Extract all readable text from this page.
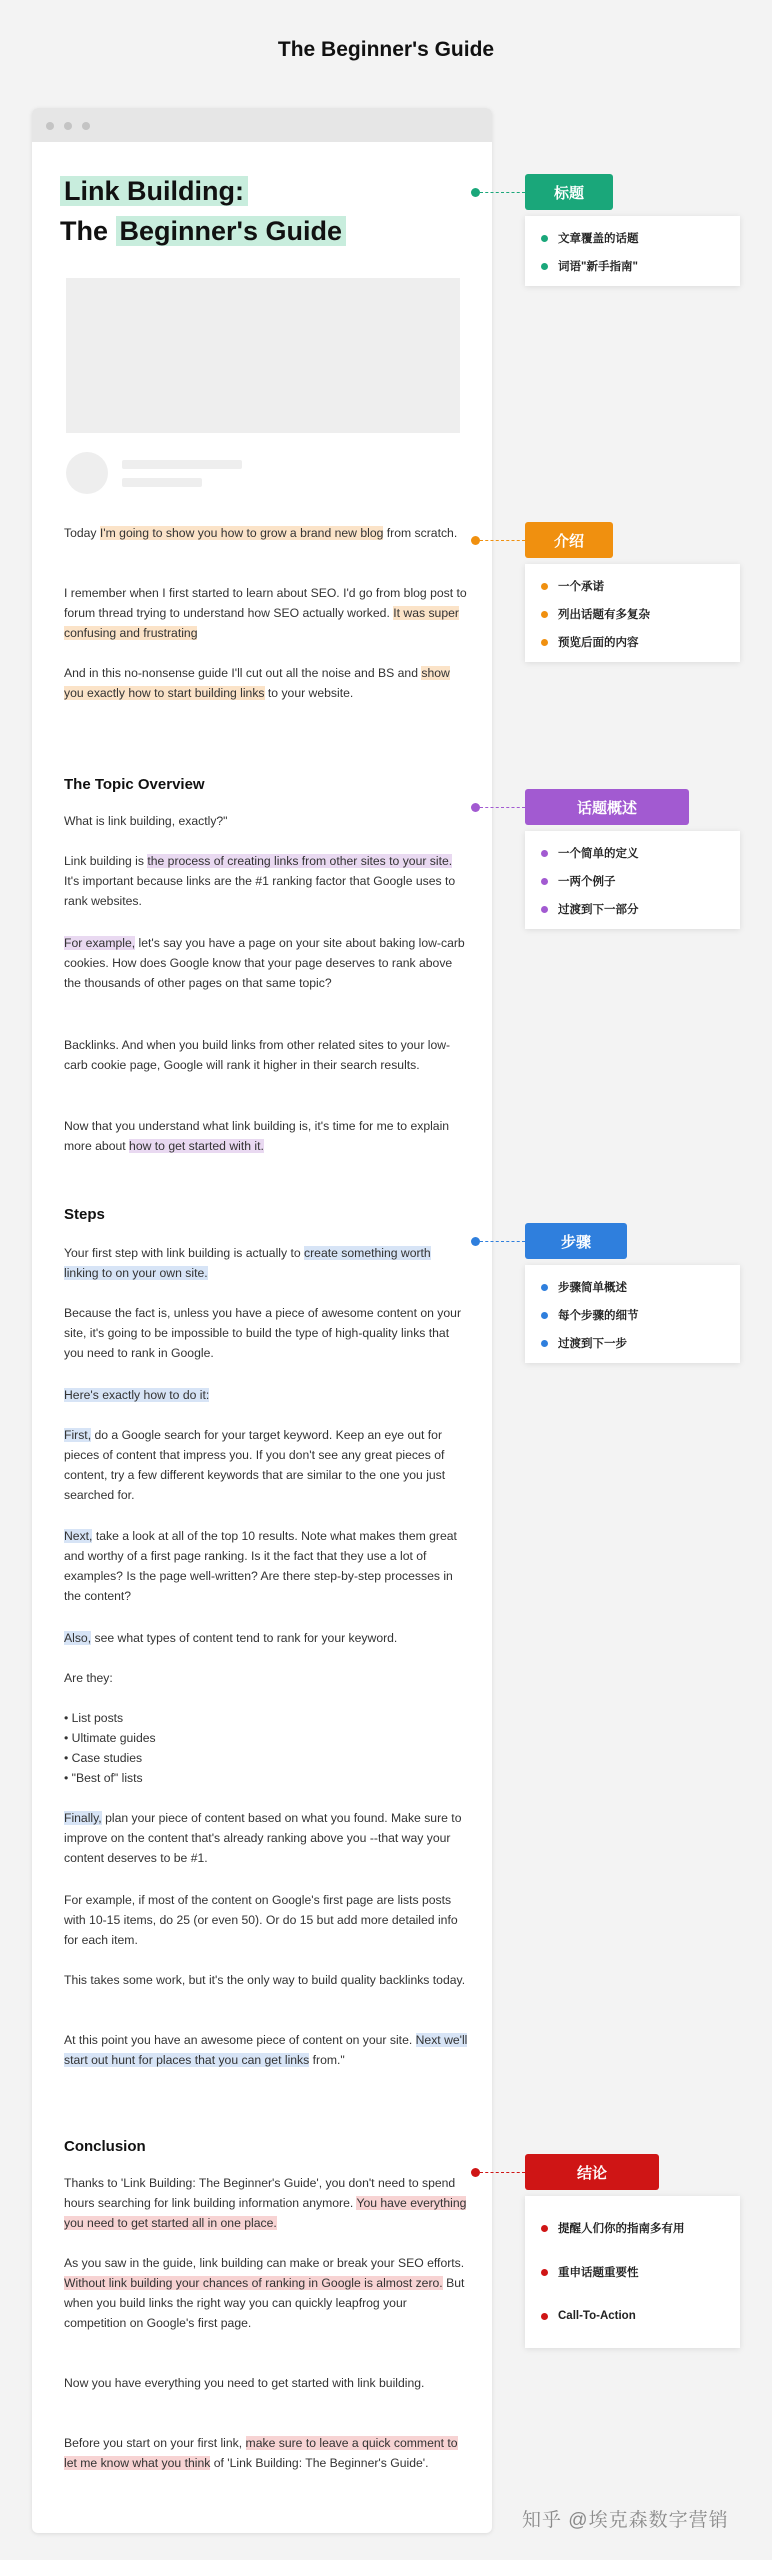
The Beginner's Guide
Link Building:
The Beginner's Guide
Today I'm going to show you how to grow a brand new blog from scratch.
I remember when I first started to learn about SEO. I'd go from blog post to forum thread trying to understand how SEO actually worked. It was super confusing and frustrating
And in this no-nonsense guide I'll cut out all the noise and BS and show you exactly how to start building links to your website.
The Topic Overview
What is link building, exactly?"
Link building is the process of creating links from other sites to your site. It's important because links are the #1 ranking factor that Google uses to rank websites.
For example, let's say you have a page on your site about baking low-carb cookies. How does Google know that your page deserves to rank above the thousands of other pages on that same topic?
Backlinks. And when you build links from other related sites to your low-carb cookie page, Google will rank it higher in their search results.
Now that you understand what link building is, it's time for me to explain more about how to get started with it.
Steps
Your first step with link building is actually to create something worth linking to on your own site.
Because the fact is, unless you have a piece of awesome content on your site, it's going to be impossible to build the type of high-quality links that you need to rank in Google.
Here's exactly how to do it:
First, do a Google search for your target keyword. Keep an eye out for pieces of content that impress you. If you don't see any great pieces of content, try a few different keywords that are similar to the one you just searched for.
Next, take a look at all of the top 10 results. Note what makes them great and worthy of a first page ranking. Is it the fact that they use a lot of examples? Is the page well-written? Are there step-by-step processes in the content?
Also, see what types of content tend to rank for your keyword.
Are they:
• List posts
• Ultimate guides
• Case studies
• "Best of" lists
Finally, plan your piece of content based on what you found. Make sure to improve on the content that's already ranking above you --that way your content deserves to be #1.
For example, if most of the content on Google's first page are lists posts with 10-15 items, do 25 (or even 50). Or do 15 but add more detailed info for each item.
This takes some work, but it's the only way to build quality backlinks today.
At this point you have an awesome piece of content on your site. Next we'll start out hunt for places that you can get links from."
Conclusion
Thanks to 'Link Building: The Beginner's Guide', you don't need to spend hours searching for link building information anymore. You have everything you need to get started all in one place.
As you saw in the guide, link building can make or break your SEO efforts. Without link building your chances of ranking in Google is almost zero. But when you build links the right way you can quickly leapfrog your competition on Google's first page.
Now you have everything you need to get started with link building.
Before you start on your first link, make sure to leave a quick comment to let me know what you think of 'Link Building: The Beginner's Guide'.
标题
文章覆盖的话题
词语"新手指南"
介绍
一个承诺
列出话题有多复杂
预览后面的内容
话题概述
一个简单的定义
一两个例子
过渡到下一部分
步骤
步骤简单概述
每个步骤的细节
过渡到下一步
结论
提醒人们你的指南多有用
重申话题重要性
Call-To-Action
知乎 @埃克森数字营销
